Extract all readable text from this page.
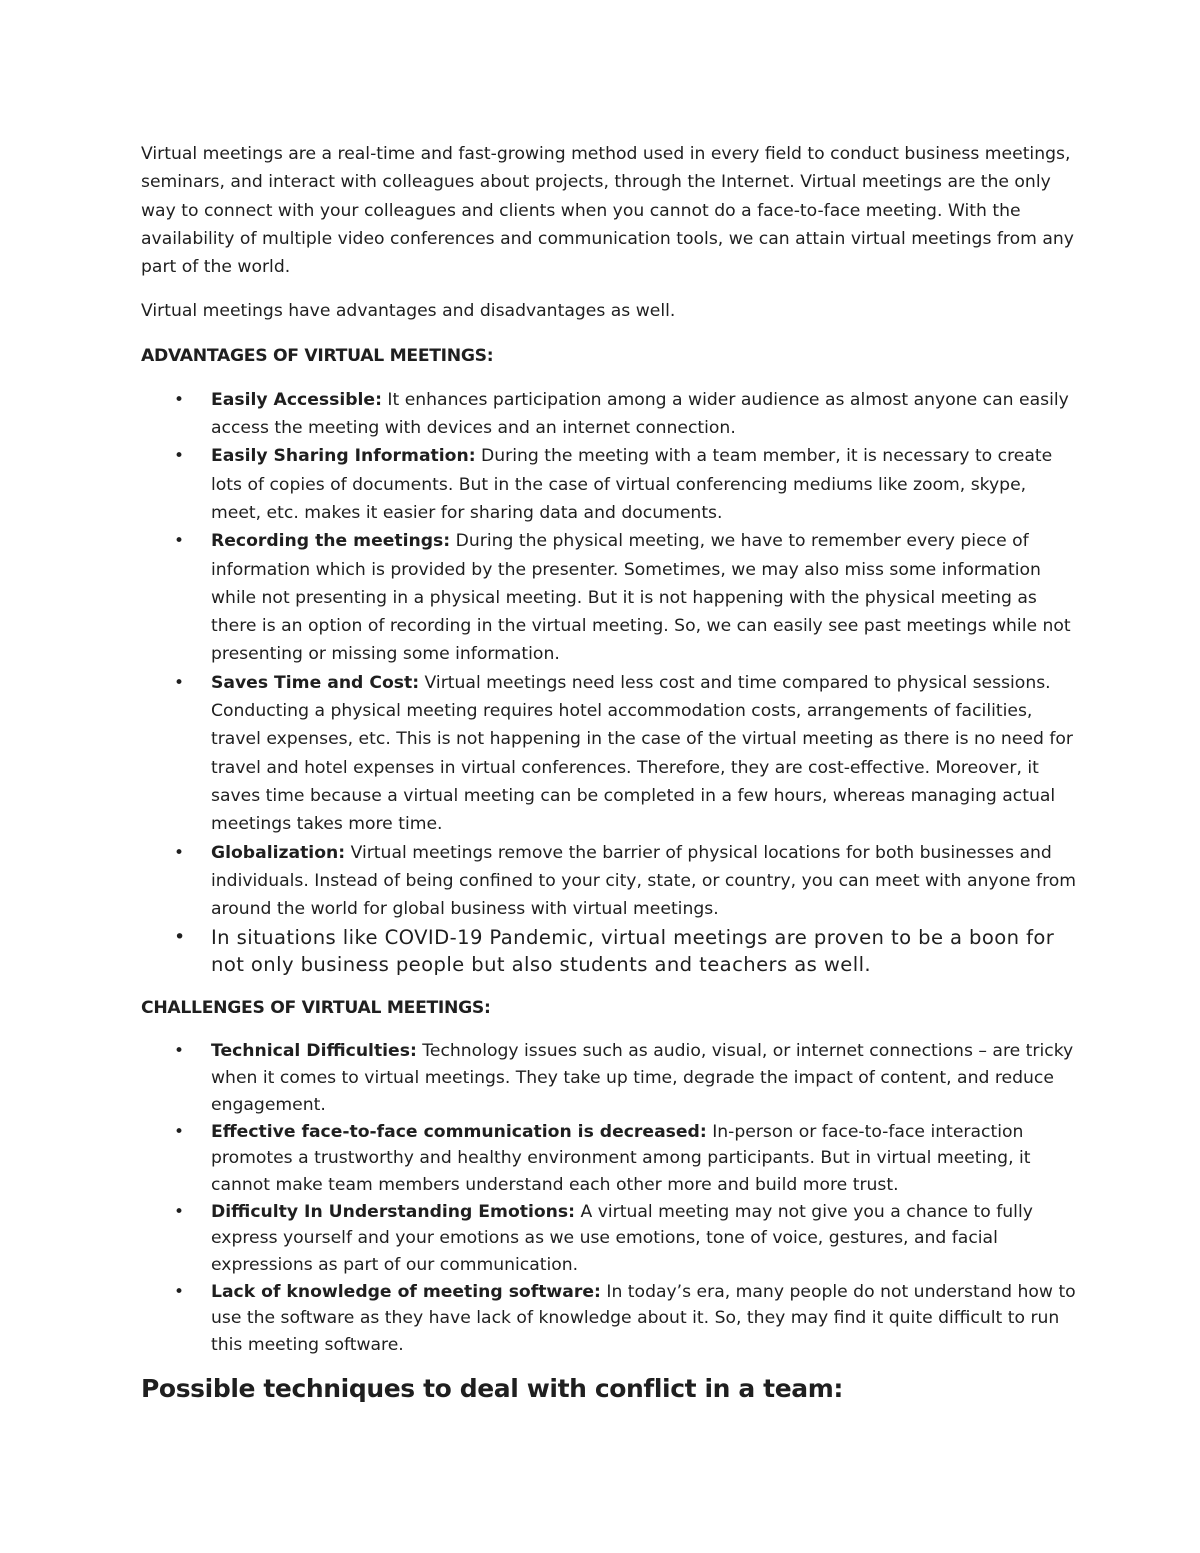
Virtual meetings are a real-time and fast-growing method used in every field to conduct business meetings, seminars, and interact with colleagues about projects, through the Internet. Virtual meetings are the only way to connect with your colleagues and clients when you cannot do a face-to-face meeting. With the availability of multiple video conferences and communication tools, we can attain virtual meetings from any part of the world.

Virtual meetings have advantages and disadvantages as well.

ADVANTAGES OF VIRTUAL MEETINGS:
• Easily Accessible: It enhances participation among a wider audience as almost anyone can easily access the meeting with devices and an internet connection.
• Easily Sharing Information: During the meeting with a team member, it is necessary to create lots of copies of documents. But in the case of virtual conferencing mediums like zoom, skype, meet, etc. makes it easier for sharing data and documents.
• Recording the meetings: During the physical meeting, we have to remember every piece of information which is provided by the presenter. Sometimes, we may also miss some information while not presenting in a physical meeting. But it is not happening with the physical meeting as there is an option of recording in the virtual meeting. So, we can easily see past meetings while not presenting or missing some information.
• Saves Time and Cost: Virtual meetings need less cost and time compared to physical sessions. Conducting a physical meeting requires hotel accommodation costs, arrangements of facilities, travel expenses, etc. This is not happening in the case of the virtual meeting as there is no need for travel and hotel expenses in virtual conferences. Therefore, they are cost-effective. Moreover, it saves time because a virtual meeting can be completed in a few hours, whereas managing actual meetings takes more time.
• Globalization: Virtual meetings remove the barrier of physical locations for both businesses and individuals. Instead of being confined to your city, state, or country, you can meet with anyone from around the world for global business with virtual meetings.
• In situations like COVID-19 Pandemic, virtual meetings are proven to be a boon for not only business people but also students and teachers as well.
CHALLENGES OF VIRTUAL MEETINGS:
• Technical Difficulties: Technology issues such as audio, visual, or internet connections – are tricky when it comes to virtual meetings. They take up time, degrade the impact of content, and reduce engagement.
• Effective face-to-face communication is decreased: In-person or face-to-face interaction promotes a trustworthy and healthy environment among participants. But in virtual meeting, it cannot make team members understand each other more and build more trust.
• Difficulty In Understanding Emotions: A virtual meeting may not give you a chance to fully express yourself and your emotions as we use emotions, tone of voice, gestures, and facial expressions as part of our communication.
• Lack of knowledge of meeting software: In today’s era, many people do not understand how to use the software as they have lack of knowledge about it. So, they may find it quite difficult to run this meeting software.
Possible techniques to deal with conflict in a team:
